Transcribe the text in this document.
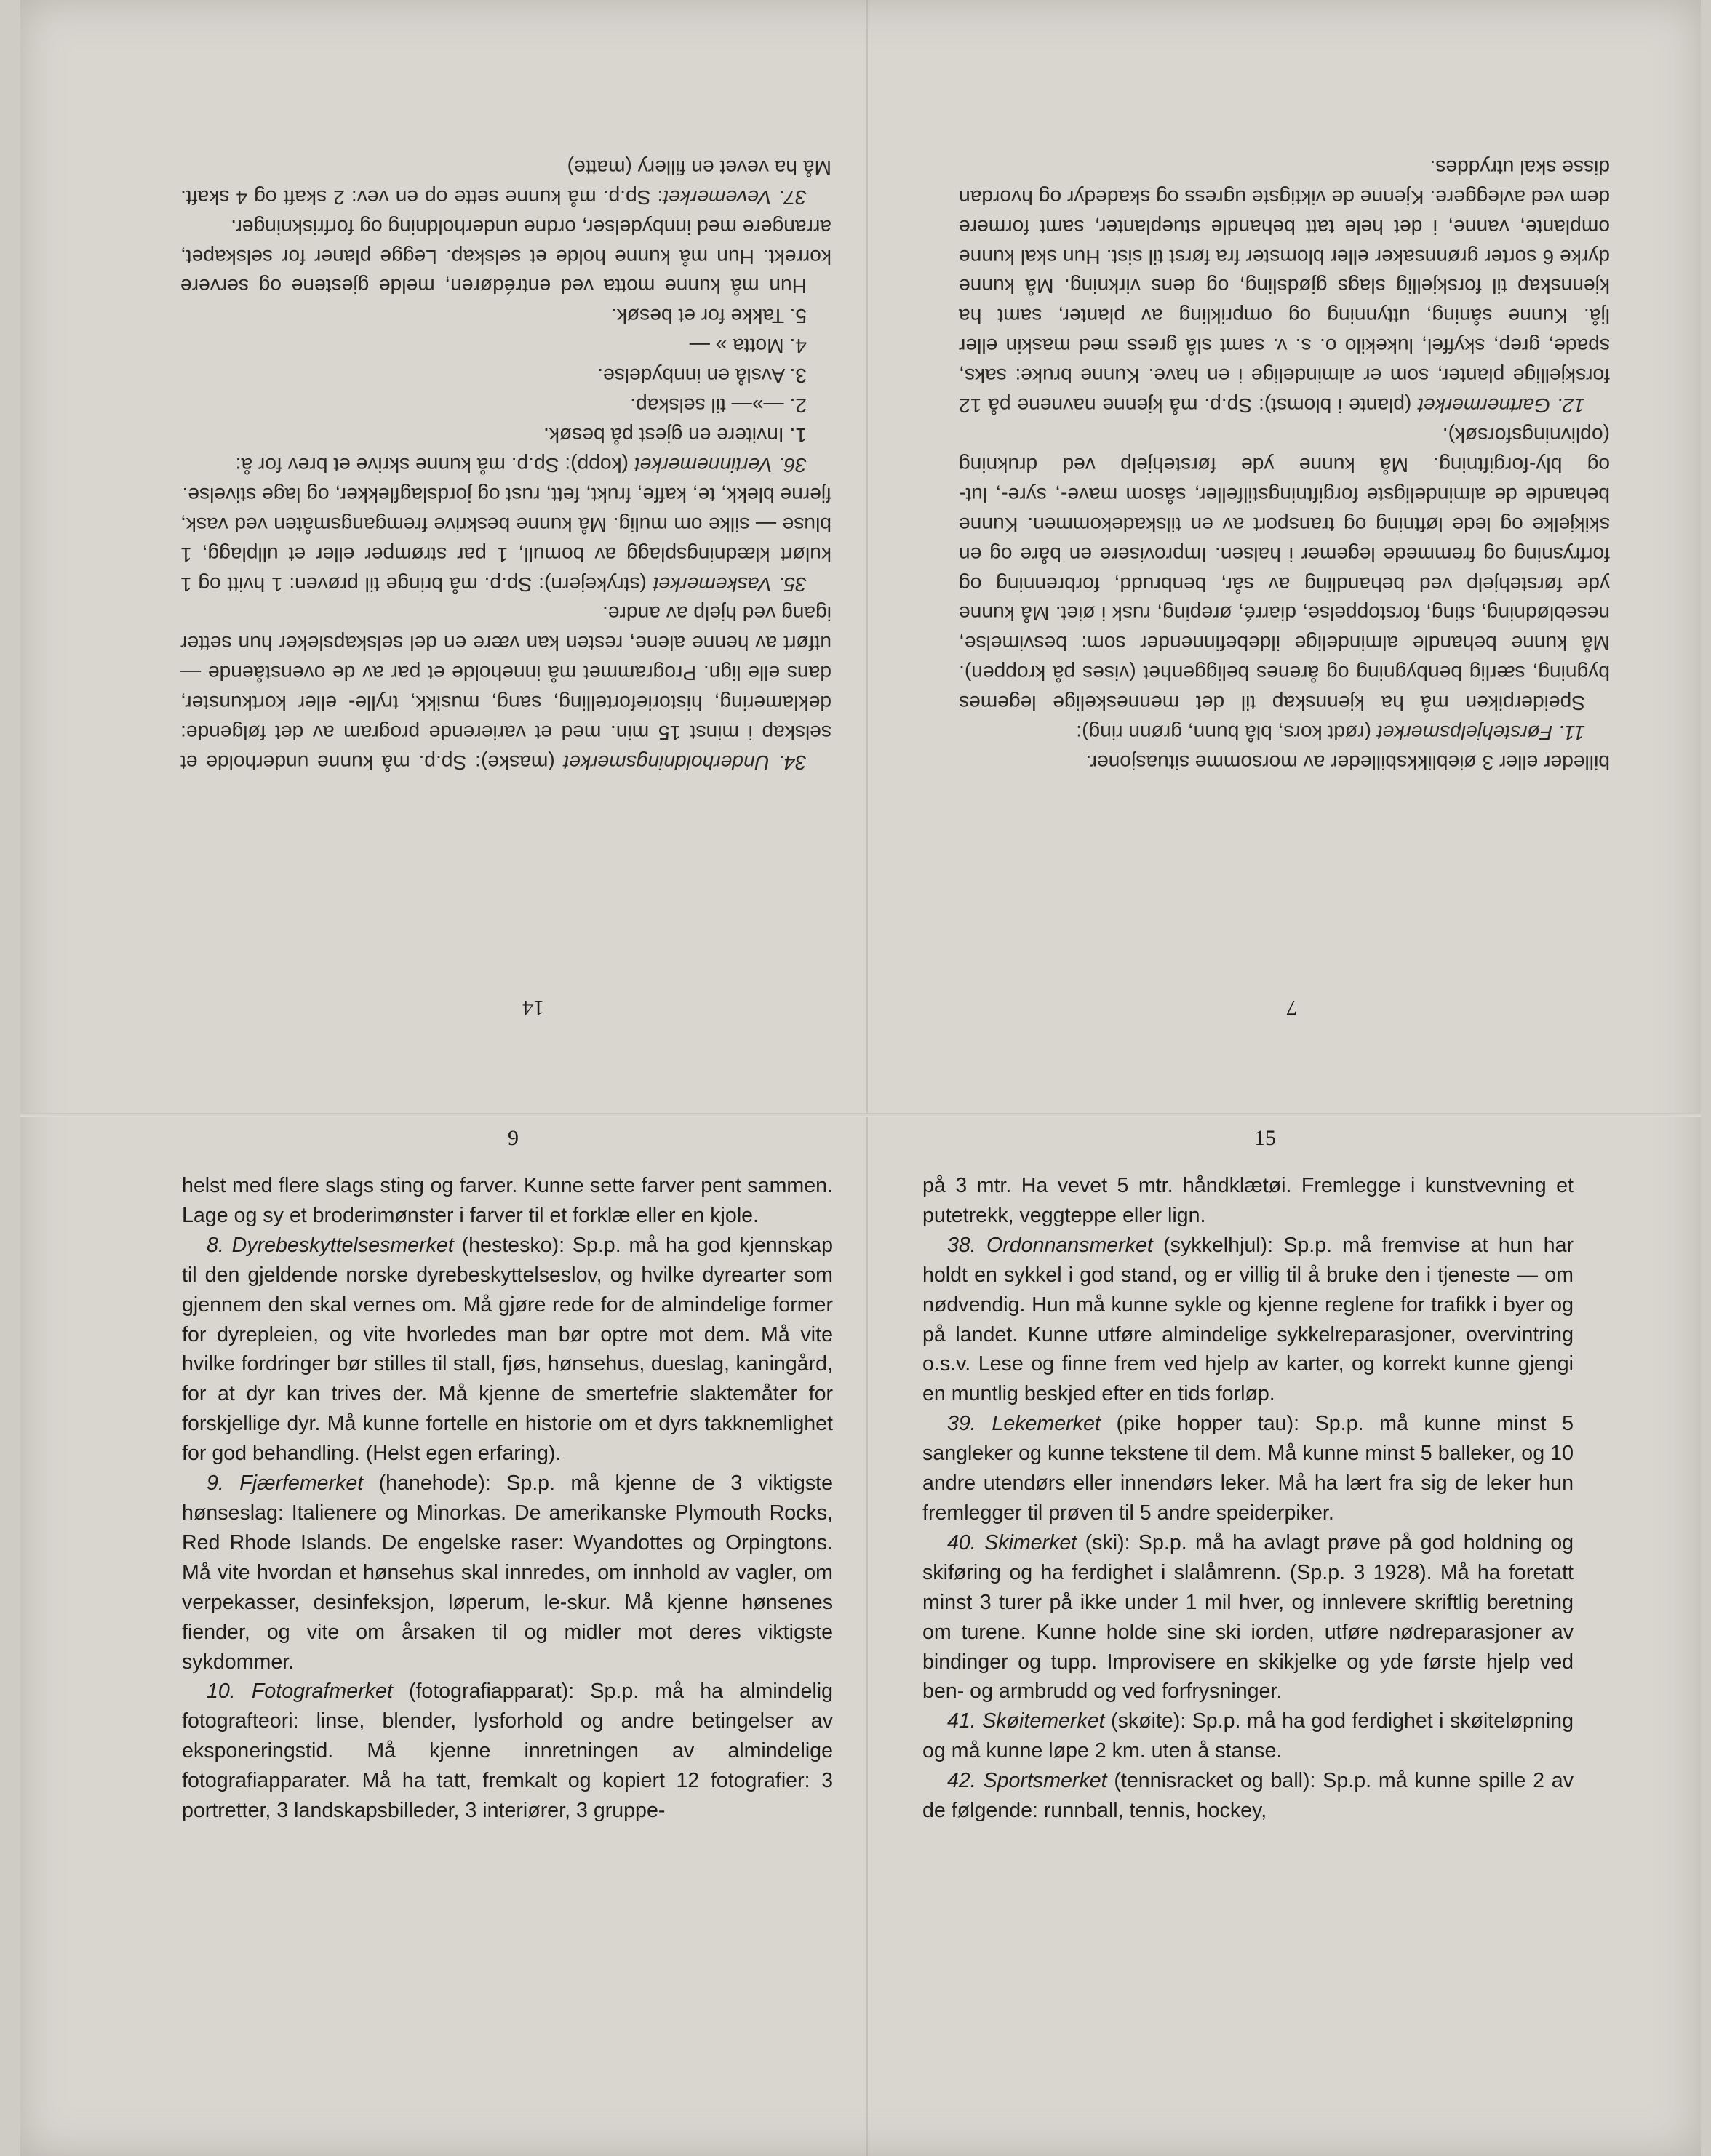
billeder eller 3 øieblikksbilleder av morsomme situasjoner.

11. Førstehjelpsmerket (rødt kors, blå bunn, grønn ring):

Speiderpiken må ha kjennskap til det menneskelige legemes bygning, særlig benbygning og årenes beliggenhet (vises på kroppen). Må kunne behandle almindelige ildebefinnender som: besvimelse, neseblødning, sting, forstoppelse, diarré, øreping, rusk i øiet. Må kunne yde førstehjelp ved behandling av sår, benbrudd, forbrenning og forfrysning og fremmede legemer i halsen. Improvisere en båre og en skikjelke og lede løftning og transport av en tilskadekommen. Kunne behandle de almindeligste forgiftningstilfeller, såsom mave-, syre-, lut- og bly-forgiftning. Må kunne yde førstehjelp ved drukning (oplivningsforsøk).

12. Gartnermerket (plante i blomst): Sp.p. må kjenne navnene på 12 forskjellige planter, som er almindelige i en have. Kunne bruke: saks, spade, grep, skyffel, lukekilo o. s. v. samt slå gress med maskin eller ljå. Kunne såning, uttynning og omprikling av planter, samt ha kjennskap til forskjellig slags gjødsling, og dens virkning. Må kunne dyrke 6 sorter grønnsaker eller blomster fra først til sist. Hun skal kunne omplante, vanne, i det hele tatt behandle stueplanter, samt formere dem ved avleggere. Kjenne de viktigste ugress og skadedyr og hvordan disse skal utryddes.

7

34. Underholdningsmerket (maske): Sp.p. må kunne underholde et selskap i minst 15 min. med et varierende program av det følgende: deklamering, historiefortelling, sang, musikk, tryllе- eller kortkunster, dans elle lign. Programmet må inneholde et par av de ovenstående — utført av henne alene, resten kan være en del selskapsleker hun setter igang ved hjelp av andre.

35. Vaskemerket (strykejern): Sp.p. må bringe til prøven: 1 hvitt og 1 kulørt klædningsplagg av bomull, 1 par strømper eller et ullplagg, 1 bluse — silke om mulig. Må kunne beskrive fremgangsmåten ved vask, fjerne blekk, te, kaffe, frukt, fett, rust og jordslagflekker, og lage stivelse.

36. Vertinnemerket (kopp): Sp.p. må kunne skrive et brev for å:

1. Invitere en gjest på besøk.

2. —»— til selskap.

3. Avslå en innbydelse.

4. Motta » —

5. Takke for et besøk.

Hun må kunne motta ved entrédøren, melde gjestene og servere korrekt. Hun må kunne holde et selskap. Legge planer for selskapet, arrangere med innbydelser, ordne underholdning og forfriskninger.

37. Vevemerket: Sp.p. må kunne sette op en vev: 2 skaft og 4 skaft. Må ha vevet en fillery (matte)

14
9	15

helst med flere slags sting og farver. Kunne sette farver pent sammen. Lage og sy et broderimønster i farver til et forklæ eller en kjole.

8. Dyrebeskyttelsesmerket (hestesko): Sp.p. må ha god kjennskap til den gjeldende norske dyrebeskyttelseslov, og hvilke dyrearter som gjennem den skal vernes om. Må gjøre rede for de almindelige former for dyrepleien, og vite hvorledes man bør optre mot dem. Må vite hvilke fordringer bør stilles til stall, fjøs, hønsehus, dueslag, kaningård, for at dyr kan trives der. Må kjenne de smertefrie slaktemåter for forskjellige dyr. Må kunne fortelle en historie om et dyrs takknemlighet for god behandling. (Helst egen erfaring).

9. Fjærfemerket (hanehode): Sp.p. må kjenne de 3 viktigste hønseslag: Italienere og Minorkas. De amerikanske Plymouth Rocks, Red Rhode Islands. De engelske raser: Wyandottes og Orpingtons. Må vite hvordan et hønsehus skal innredes, om innhold av vagler, om verpekasser, desinfeksjon, løperum, le-skur. Må kjenne hønsenes fiender, og vite om årsaken til og midler mot deres viktigste sykdommer.

10. Fotografmerket (fotografiapparat): Sp.p. må ha almindelig fotografteori: linse, blender, lysforhold og andre betingelser av eksponeringstid. Må kjenne innretningen av almindelige fotografiapparater. Må ha tatt, fremkalt og kopiert 12 fotografier: 3 portretter, 3 landskapsbilleder, 3 interiører, 3 gruppe-

på 3 mtr. Ha vevet 5 mtr. håndklætøi. Fremlegge i kunstvevning et putetrekk, veggteppe eller lign.

38. Ordonnansmerket (sykkelhjul): Sp.p. må fremvise at hun har holdt en sykkel i god stand, og er villig til å bruke den i tjeneste — om nødvendig. Hun må kunne sykle og kjenne reglene for trafikk i byer og på landet. Kunne utføre almindelige sykkelreparasjoner, overvintring o.s.v. Lese og finne frem ved hjelp av karter, og korrekt kunne gjengi en muntlig beskjed efter en tids forløp.

39. Lekemerket (pike hopper tau): Sp.p. må kunne minst 5 sangleker og kunne tekstene til dem. Må kunne minst 5 balleker, og 10 andre utendørs eller innendørs leker. Må ha lært fra sig de leker hun fremlegger til prøven til 5 andre speiderpiker.

40. Skimerket (ski): Sp.p. må ha avlagt prøve på god holdning og skiføring og ha ferdighet i slalåmrenn. (Sp.p. 3 1928). Må ha foretatt minst 3 turer på ikke under 1 mil hver, og innlevere skriftlig beretning om turene. Kunne holde sine ski iorden, utføre nødreparasjoner av bindinger og tupp. Improvisere en skikjelke og yde første hjelp ved ben- og armbrudd og ved forfrysninger.

41. Skøitemerket (skøite): Sp.p. må ha god ferdighet i skøiteløpning og må kunne løpe 2 km. uten å stanse.

42. Sportsmerket (tennisracket og ball): Sp.p. må kunne spille 2 av de følgende: runnball, tennis, hockey,
